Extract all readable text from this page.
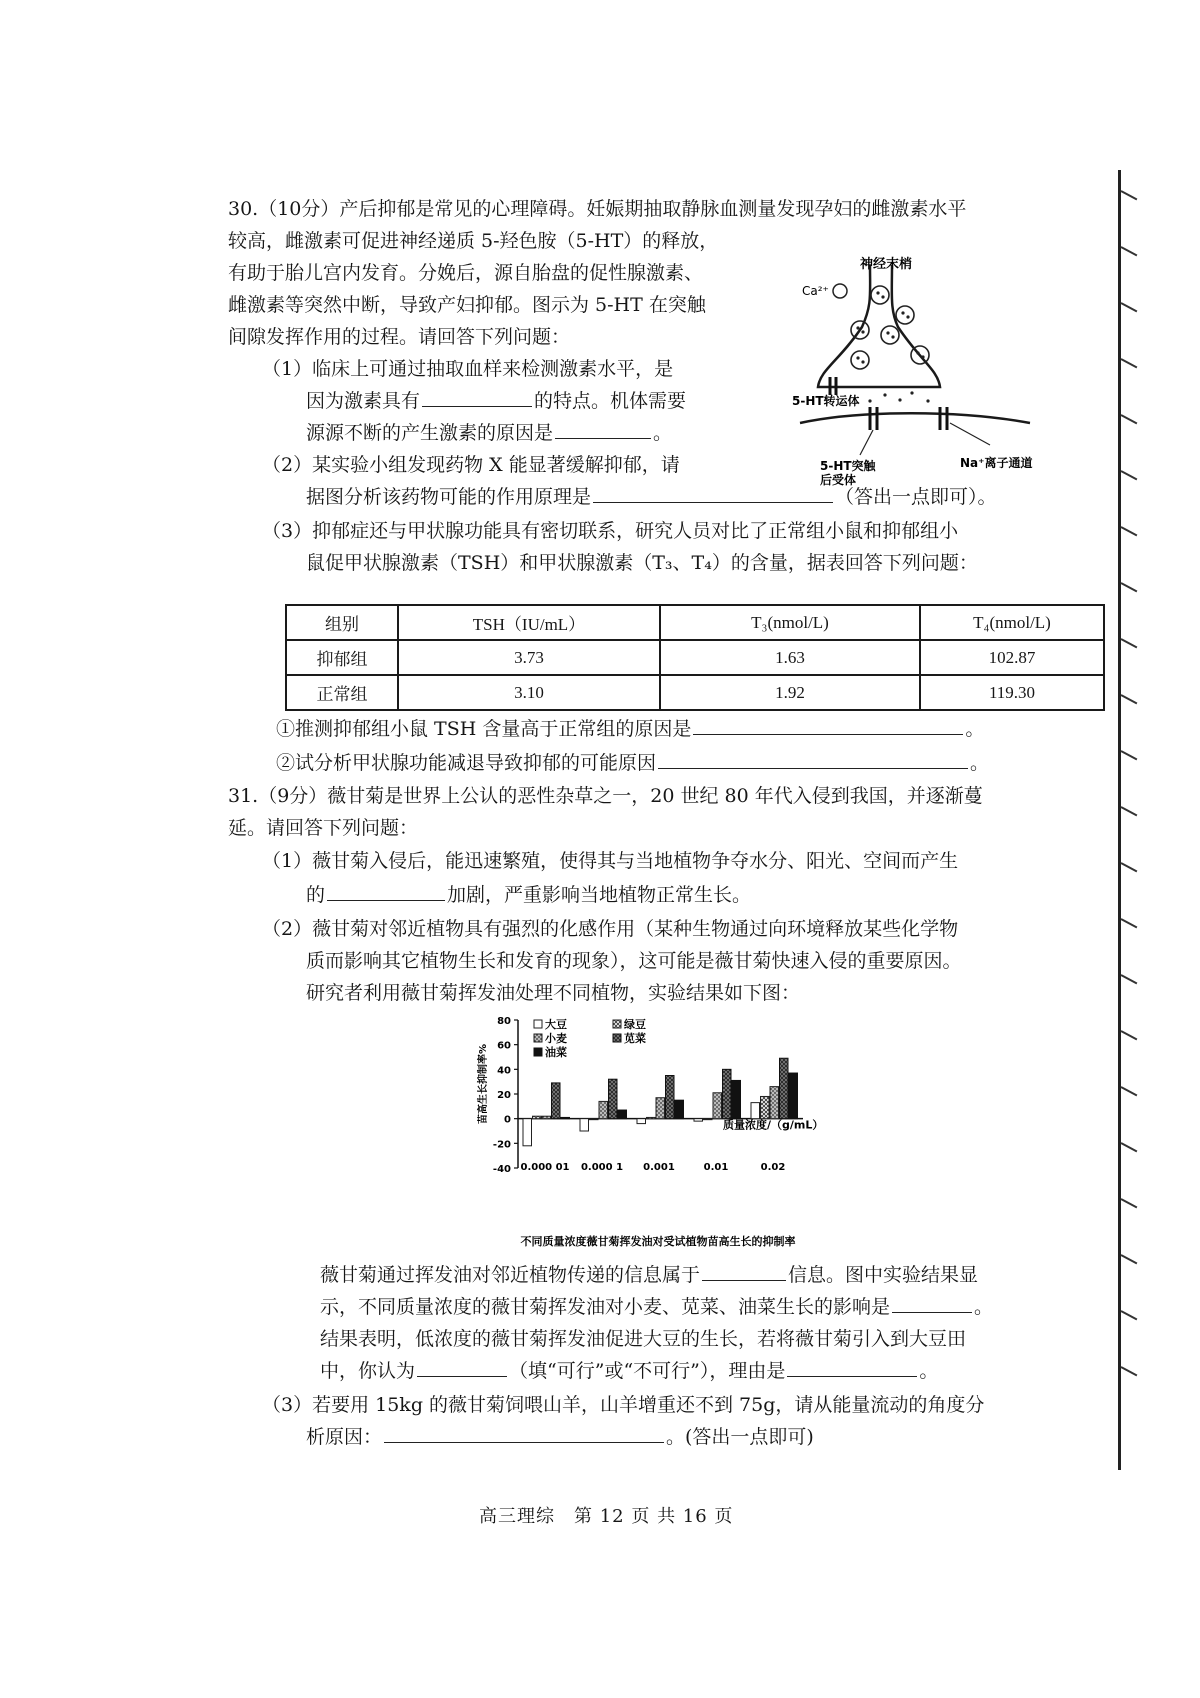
30.（10分）产后抑郁是常见的心理障碍。妊娠期抽取静脉血测量发现孕妇的雌激素水平
较高，雌激素可促进神经递质 5-羟色胺（5-HT）的释放，
有助于胎儿宫内发育。分娩后，源自胎盘的促性腺激素、
雌激素等突然中断，导致产妇抑郁。图示为 5-HT 在突触
间隙发挥作用的过程。请回答下列问题：
（1）临床上可通过抽取血样来检测激素水平，是
因为激素具有	的特点。机体需要
源源不断的产生激素的原因是	。
（2）某实验小组发现药物 X 能显著缓解抑郁，请
据图分析该药物可能的作用原理是	（答出一点即可）。
（3）抑郁症还与甲状腺功能具有密切联系，研究人员对比了正常组小鼠和抑郁组小
鼠促甲状腺激素（TSH）和甲状腺激素（T₃、T₄）的含量，据表回答下列问题：
神经末梢
Ca²⁺
5-HT转运体
5-HT突触
后受体
Na⁺离子通道
组别	TSH（IU/mL）	T₃(nmol/L)	T₄(nmol/L)
抑郁组	3.73	1.63	102.87
正常组	3.10	1.92	119.30
①推测抑郁组小鼠 TSH 含量高于正常组的原因是	。
②试分析甲状腺功能减退导致抑郁的可能原因	。
31.（9分）薇甘菊是世界上公认的恶性杂草之一，20 世纪 80 年代入侵到我国，并逐渐蔓
延。请回答下列问题：
（1）薇甘菊入侵后，能迅速繁殖，使得其与当地植物争夺水分、阳光、空间而产生
的	加剧，严重影响当地植物正常生长。
（2）薇甘菊对邻近植物具有强烈的化感作用（某种生物通过向环境释放某些化学物
质而影响其它植物生长和发育的现象），这可能是薇甘菊快速入侵的重要原因。
研究者利用薇甘菊挥发油处理不同植物，实验结果如下图：
-40
-20
0
20
40
60
80
0.000 01 0.000 1 0.001	0.01	0.02
苗高生长抑制率%
质量浓度/（g/mL）
大豆	绿豆
小麦	苋菜
油菜
不同质量浓度薇甘菊挥发油对受试植物苗高生长的抑制率
薇甘菊通过挥发油对邻近植物传递的信息属于	信息。图中实验结果显
示，不同质量浓度的薇甘菊挥发油对小麦、苋菜、油菜生长的影响是	。
结果表明，低浓度的薇甘菊挥发油促进大豆的生长，若将薇甘菊引入到大豆田
中，你认为	（填“可行”或“不可行”），理由是	。
（3）若要用 15kg 的薇甘菊饲喂山羊，山羊增重还不到 75g，请从能量流动的角度分
析原因：	。(答出一点即可)
高三理综　第 12 页 共 16 页
